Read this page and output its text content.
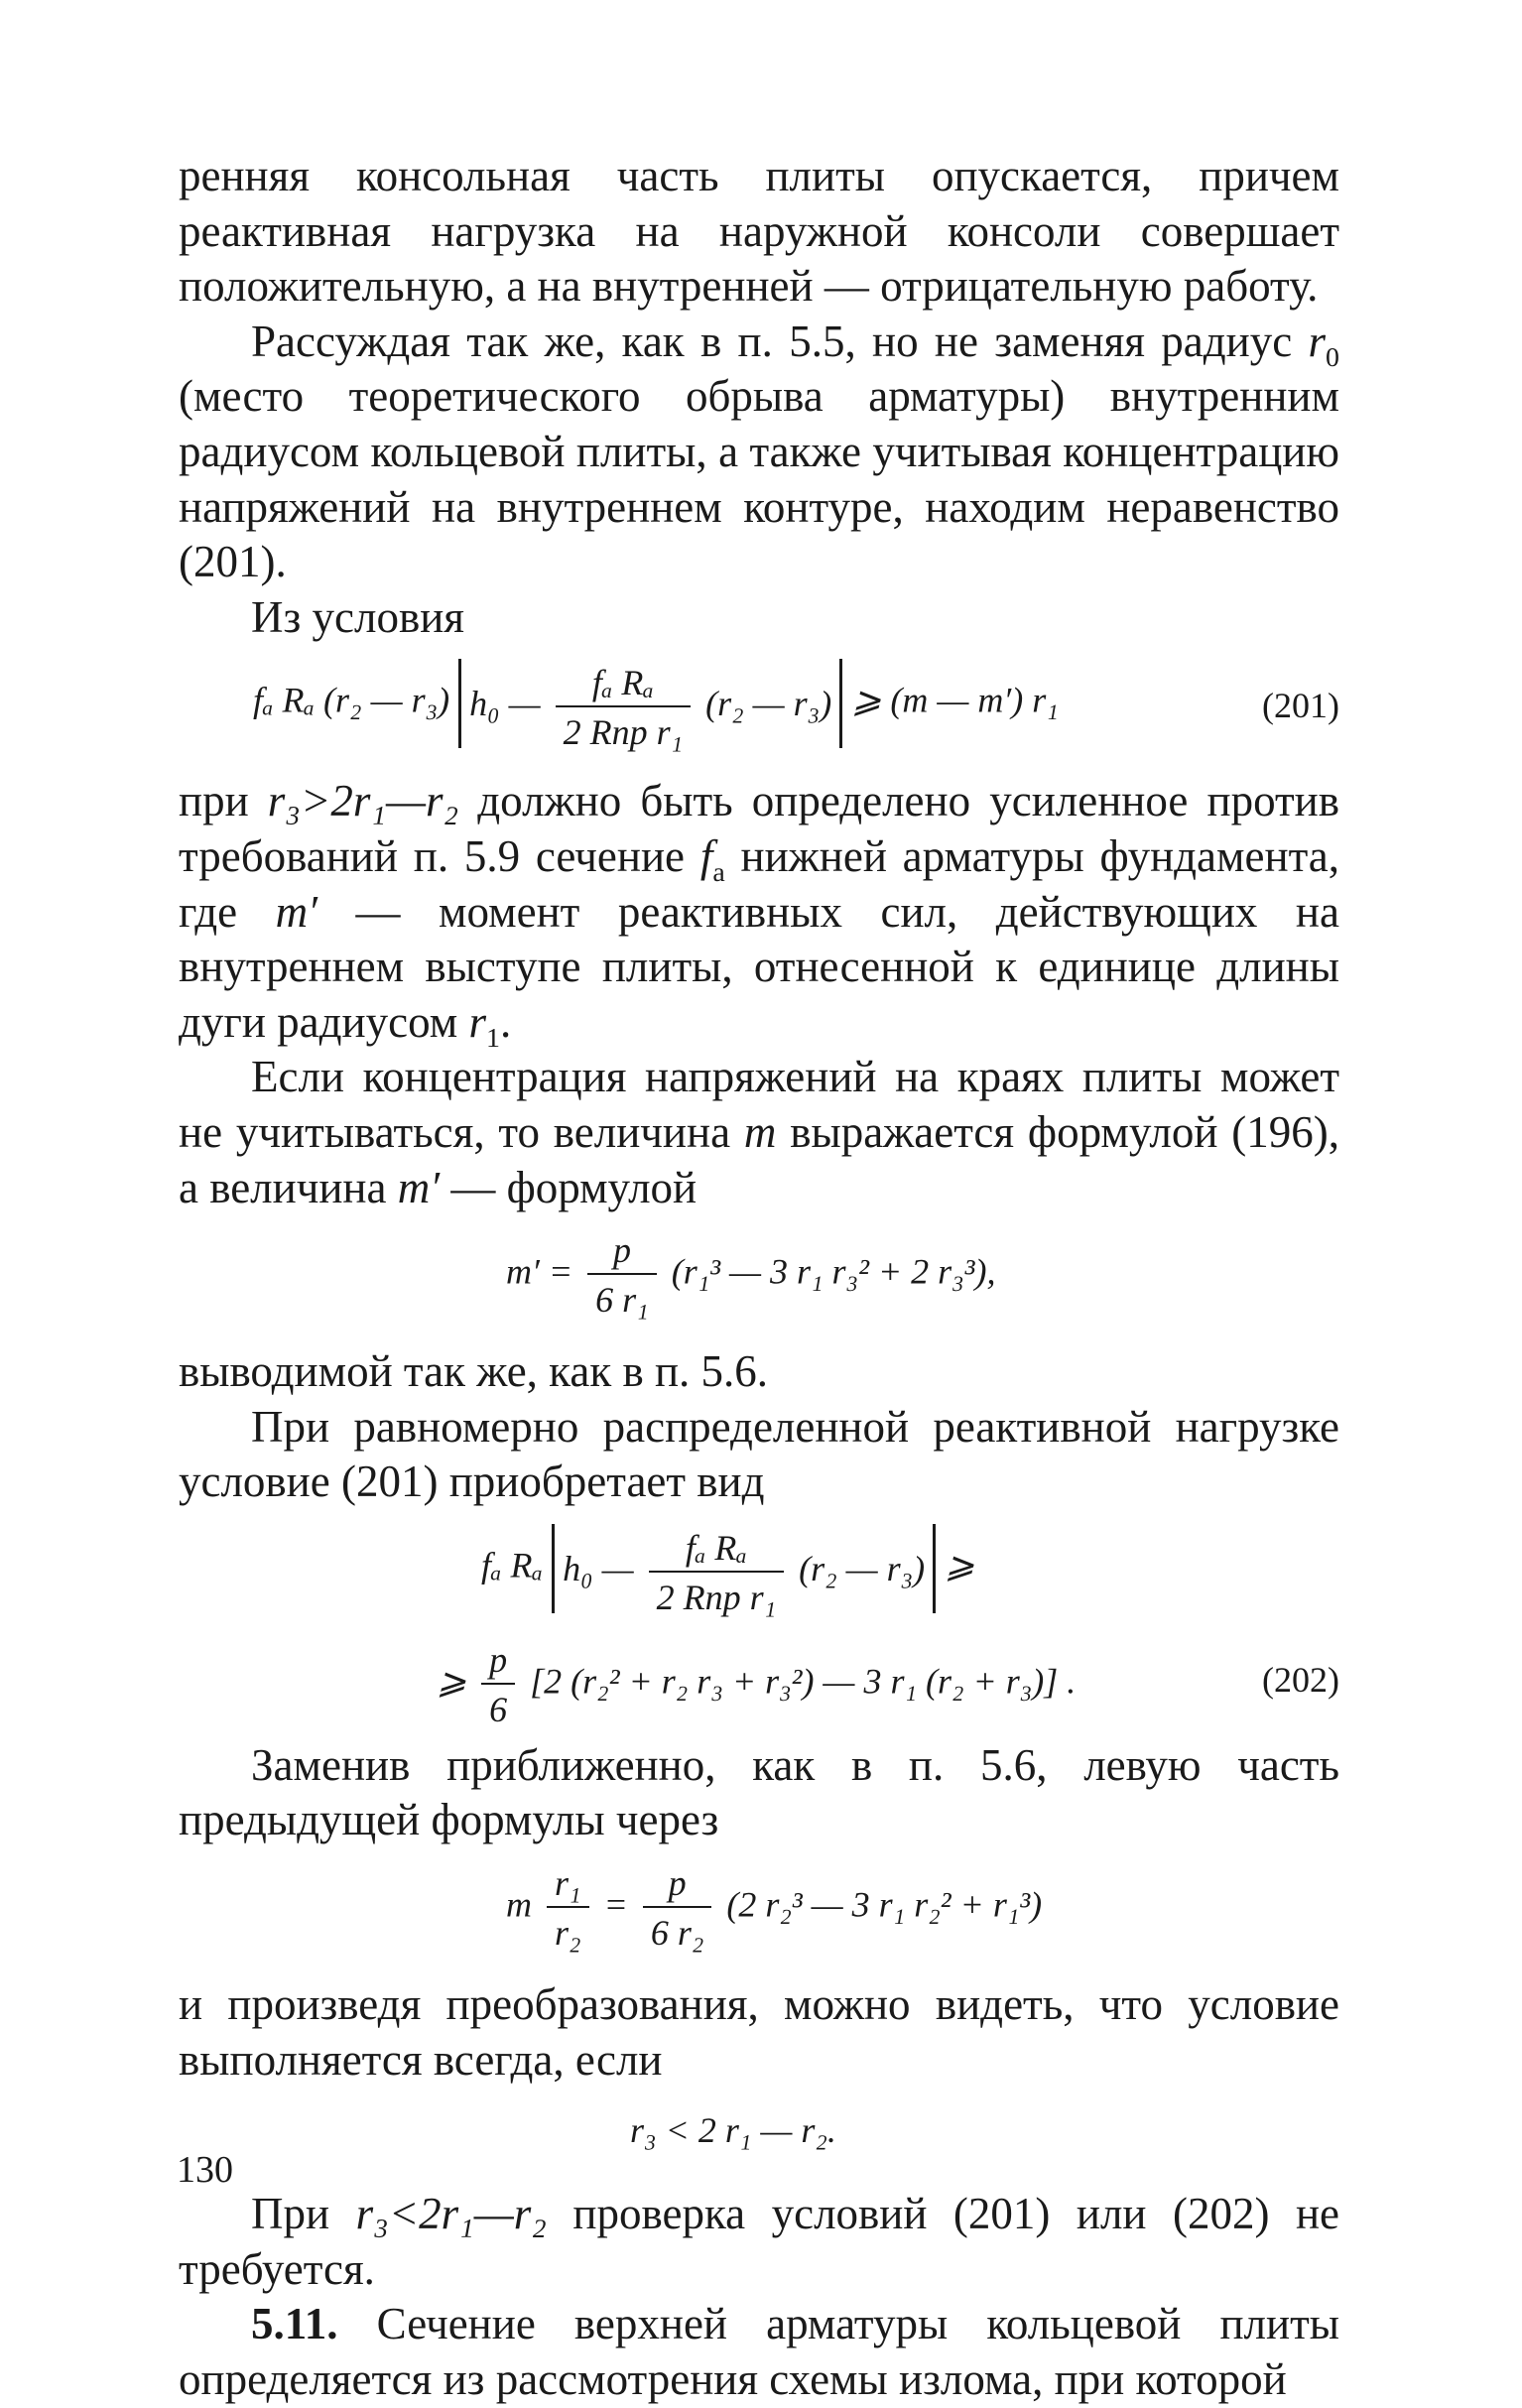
ренняя консольная часть плиты опускается, причем реактивная нагрузка на наружной консоли совершает положительную, а на внутренней — отрицательную работу.

Рассуждая так же, как в п. 5.5, но не заменяя радиус $r_0$ (место теоретического обрыва арматуры) внутренним радиусом кольцевой плиты, а также учитывая концентрацию напряжений на внутреннем контуре, находим неравенство (201).

Из условия

fₐ Rₐ (r₂ — r₃) h₀ — $\frac{\text{fₐ Rₐ}}{\text{2 Rпр r₁}} (r_2$ — r₃) ⩾ (m — m′) r₁	(201)

при r₃>2r₁—r₂ должно быть определено усиленное против требований п. 5.9 сечение $f_a$ нижней арматуры фундамента, где m′ — момент реактивных сил, действующих на внутреннем выступе плиты, отнесенной к единице длины дуги радиусом $r_1$.

Если концентрация напряжений на краях плиты может не учитываться, то величина m выражается формулой (196), а величина m′ — формулой

$m' = \frac{p}{\text{6 r₁}} (r_1^3$ — 3 r₁ r₃² + 2 r₃³),

выводимой так же, как в п. 5.6.

При равномерно распределенной реактивной нагрузке условие (201) приобретает вид

fₐ Rₐ h₀ — $\frac{\text{fₐ Rₐ}}{\text{2 Rпр r₁}} (r_2$ — r₃) ⩾
⩾ $\frac{p}{6} [2$ (r₂² + r₂ r₃ + r₃²) — 3 r₁ (r₂ + r₃)] .	(202)

Заменив приближенно, как в п. 5.6, левую часть предыдущей формулы через

m $\frac{\text{r₁}}{\text{r₂}} = \frac{p}{\text{6 r₂}} (2$ r₂³ — 3 r₁ r₂² + r₁³)

и произведя преобразования, можно видеть, что условие выполняется всегда, если

r₃ < 2 r₁ — r₂.

При r₃<2r₁—r₂ проверка условий (201) или (202) не требуется.

5.11. Сечение верхней арматуры кольцевой плиты определяется из рассмотрения схемы излома, при которой

130
